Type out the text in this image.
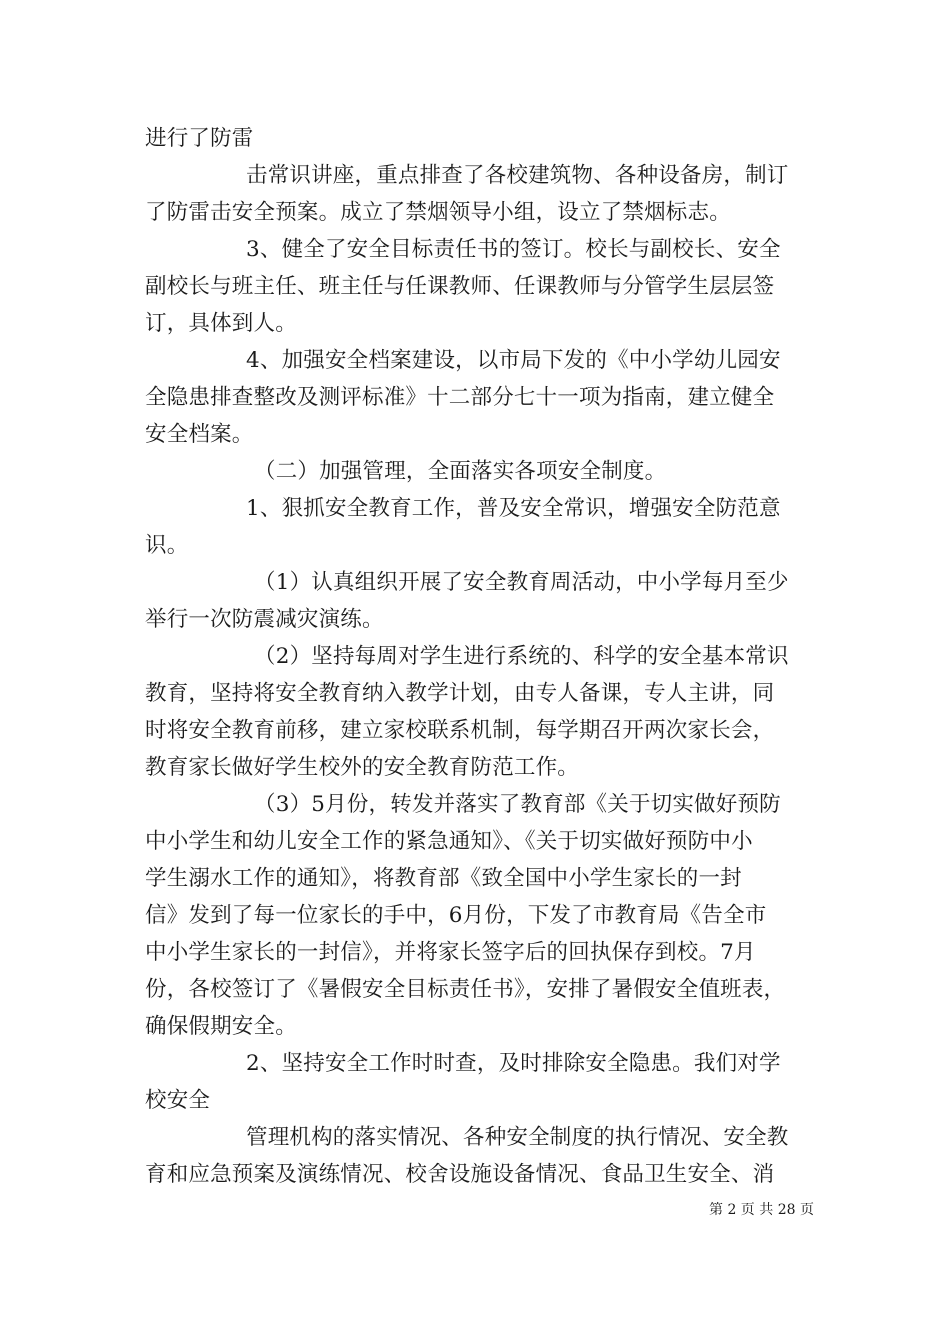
进行了防雷
击常识讲座，重点排查了各校建筑物、各种设备房，制订
了防雷击安全预案。成立了禁烟领导小组，设立了禁烟标志。
3、健全了安全目标责任书的签订。校长与副校长、安全
副校长与班主任、班主任与任课教师、任课教师与分管学生层层签
订，具体到人。
4、加强安全档案建设，以市局下发的《中小学幼儿园安
全隐患排查整改及测评标准》十二部分七十一项为指南，建立健全
安全档案。
（二）加强管理，全面落实各项安全制度。
1、狠抓安全教育工作，普及安全常识，增强安全防范意
识。
（1）认真组织开展了安全教育周活动，中小学每月至少
举行一次防震减灾演练。
（2）坚持每周对学生进行系统的、科学的安全基本常识
教育，坚持将安全教育纳入教学计划，由专人备课，专人主讲，同
时将安全教育前移，建立家校联系机制，每学期召开两次家长会，
教育家长做好学生校外的安全教育防范工作。
（3）5月份，转发并落实了教育部《关于切实做好预防
中小学生和幼儿安全工作的紧急通知》、《关于切实做好预防中小
学生溺水工作的通知》，将教育部《致全国中小学生家长的一封
信》发到了每一位家长的手中，6月份，下发了市教育局《告全市
中小学生家长的一封信》，并将家长签字后的回执保存到校。7月
份，各校签订了《暑假安全目标责任书》，安排了暑假安全值班表，
确保假期安全。
2、坚持安全工作时时查，及时排除安全隐患。我们对学
校安全
管理机构的落实情况、各种安全制度的执行情况、安全教
育和应急预案及演练情况、校舍设施设备情况、食品卫生安全、消
第 2 页 共 28 页
